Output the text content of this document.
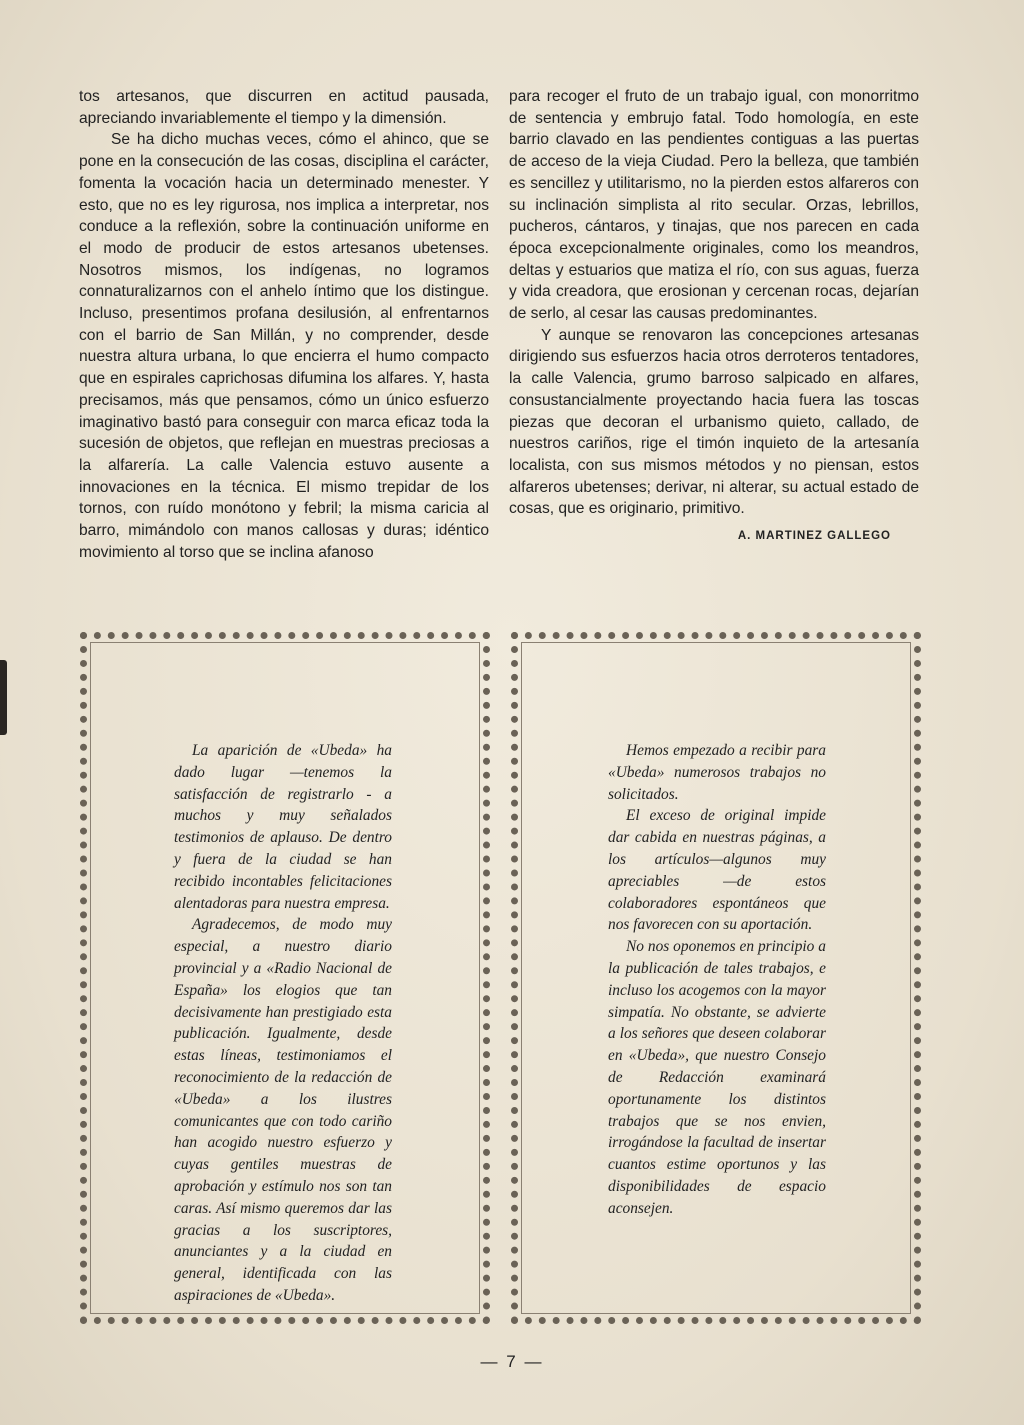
tos artesanos, que discurren en actitud pausada, apreciando invariablemente el tiempo y la dimensión.

Se ha dicho muchas veces, cómo el ahinco, que se pone en la consecución de las cosas, disciplina el carácter, fomenta la vocación hacia un determinado menester. Y esto, que no es ley rigurosa, nos implica a interpretar, nos conduce a la reflexión, sobre la continuación uniforme en el modo de producir de estos artesanos ubetenses. Nosotros mismos, los indígenas, no logramos connaturalizarnos con el anhelo íntimo que los distingue. Incluso, presentimos profana desilusión, al enfrentarnos con el barrio de San Millán, y no comprender, desde nuestra altura urbana, lo que encierra el humo compacto que en espirales caprichosas difumina los alfares. Y, hasta precisamos, más que pensamos, cómo un único esfuerzo imaginativo bastó para conseguir con marca eficaz toda la sucesión de objetos, que reflejan en muestras preciosas a la alfarería. La calle Valencia estuvo ausente a innovaciones en la técnica. El mismo trepidar de los tornos, con ruído monótono y febril; la misma caricia al barro, mimándolo con manos callosas y duras; idéntico movimiento al torso que se inclina afanoso

para recoger el fruto de un trabajo igual, con monorritmo de sentencia y embrujo fatal. Todo homología, en este barrio clavado en las pendientes contiguas a las puertas de acceso de la vieja Ciudad. Pero la belleza, que también es sencillez y utilitarismo, no la pierden estos alfareros con su inclinación simplista al rito secular. Orzas, lebrillos, pucheros, cántaros, y tinajas, que nos parecen en cada época excepcionalmente originales, como los meandros, deltas y estuarios que matiza el río, con sus aguas, fuerza y vida creadora, que erosionan y cercenan rocas, dejarían de serlo, al cesar las causas predominantes.

Y aunque se renovaron las concepciones artesanas dirigiendo sus esfuerzos hacia otros derroteros tentadores, la calle Valencia, grumo barroso salpicado en alfares, consustancialmente proyectando hacia fuera las toscas piezas que decoran el urbanismo quieto, callado, de nuestros cariños, rige el timón inquieto de la artesanía localista, con sus mismos métodos y no piensan, estos alfareros ubetenses; derivar, ni alterar, su actual estado de cosas, que es originario, primitivo.

A. MARTINEZ GALLEGO

La aparición de «Ubeda» ha dado lugar —tenemos la satisfacción de registrarlo - a muchos y muy señalados testimonios de aplauso. De dentro y fuera de la ciudad se han recibido incontables felicitaciones alentadoras para nuestra empresa.

Agradecemos, de modo muy especial, a nuestro diario provincial y a «Radio Nacional de España» los elogios que tan decisivamente han prestigiado esta publicación. Igualmente, desde estas líneas, testimoniamos el reconocimiento de la redacción de «Ubeda» a los ilustres comunicantes que con todo cariño han acogido nuestro esfuerzo y cuyas gentiles muestras de aprobación y estímulo nos son tan caras. Así mismo queremos dar las gracias a los suscriptores, anunciantes y a la ciudad en general, identificada con las aspiraciones de «Ubeda».

Hemos empezado a recibir para «Ubeda» numerosos trabajos no solicitados.

El exceso de original impide dar cabida en nuestras páginas, a los artículos—algunos muy apreciables —de estos colaboradores espontáneos que nos favorecen con su aportación.

No nos oponemos en principio a la publicación de tales trabajos, e incluso los acogemos con la mayor simpatía. No obstante, se advierte a los señores que deseen colaborar en «Ubeda», que nuestro Consejo de Redacción examinará oportunamente los distintos trabajos que se nos envien, irrogándose la facultad de insertar cuantos estime oportunos y las disponibilidades de espacio aconsejen.

— 7 —
